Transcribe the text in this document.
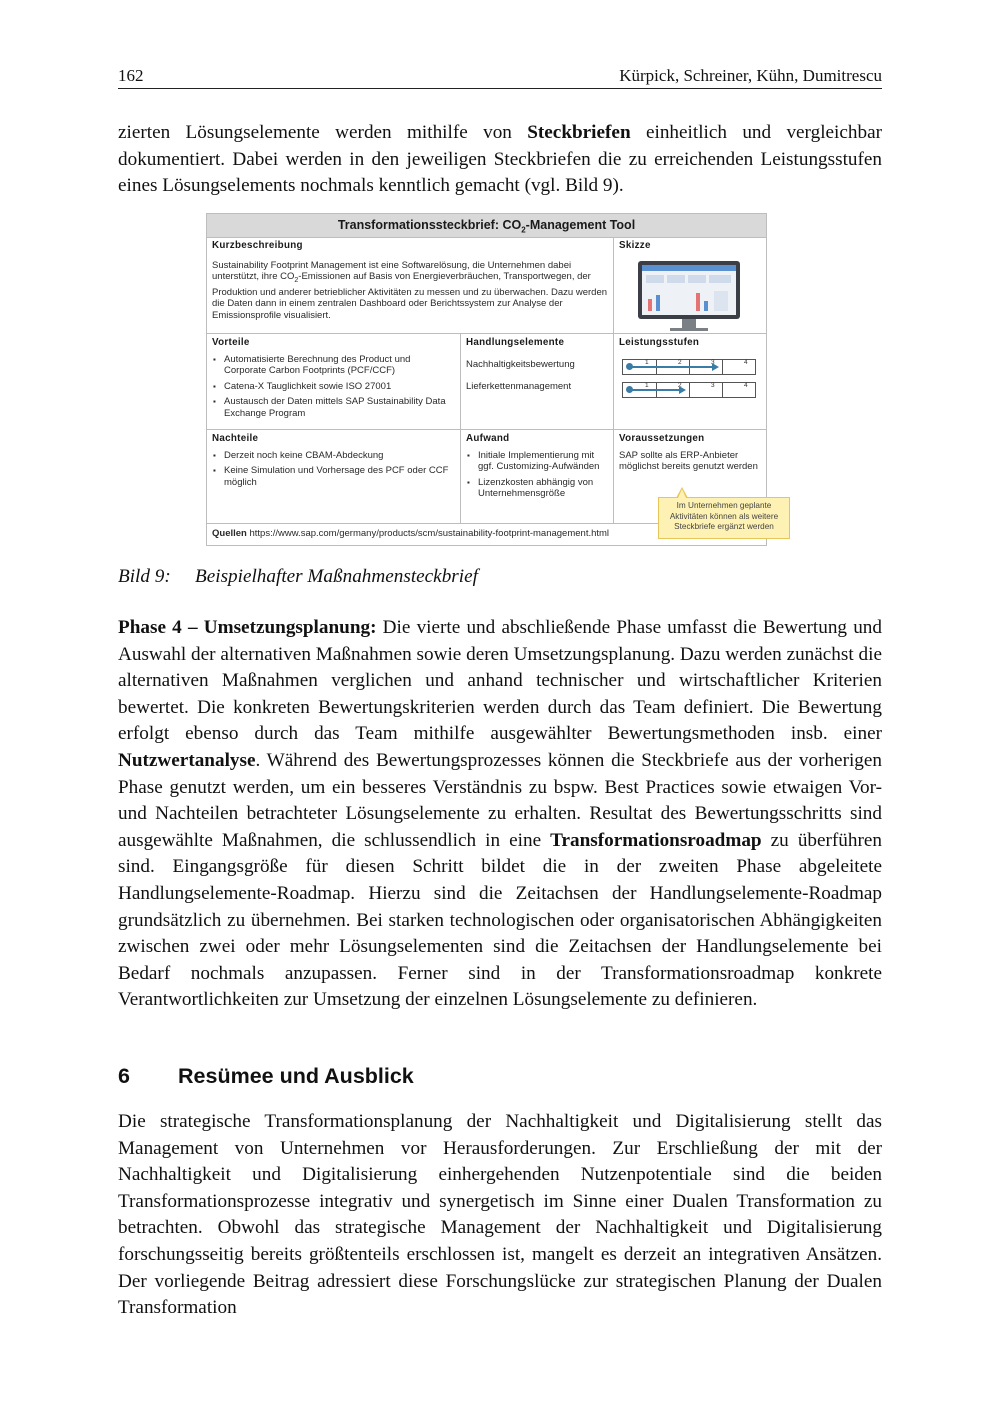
162	Kürpick, Schreiner, Kühn, Dumitrescu

zierten Lösungselemente werden mithilfe von Steckbriefen einheitlich und vergleichbar dokumentiert. Dabei werden in den jeweiligen Steckbriefen die zu erreichenden Leistungsstufen eines Lösungselements nochmals kenntlich gemacht (vgl. Bild 9).

Transformationssteckbrief: $CO_2$-Management Tool
Kurzbeschreibung
Sustainability Footprint Management ist eine Softwarelösung, die Unternehmen dabei unterstützt, ihre $CO_2$-Emissionen auf Basis von Energieverbräuchen, Transportwegen, der Produktion und anderer betrieblicher Aktivitäten zu messen und zu überwachen. Dazu werden die Daten dann in einem zentralen Dashboard oder Berichtssystem zur Analyse der Emissionsprofile visualisiert.
Skizze
Vorteile
▪ Automatisierte Berechnung des Product und Corporate Carbon Footprints (PCF/CCF)
▪ Catena-X Tauglichkeit sowie ISO 27001
▪ Austausch der Daten mittels SAP Sustainability Data Exchange Program
Handlungselemente
Nachhaltigkeitsbewertung
Lieferkettenmanagement
Leistungsstufen
1	2	3	4
1	2	3	4
Nachteile
▪ Derzeit noch keine CBAM-Abdeckung
▪ Keine Simulation und Vorhersage des PCF oder CCF möglich
Aufwand
▪ Initiale Implementierung mit ggf. Customizing-Aufwänden
▪ Lizenzkosten abhängig von Unternehmensgröße
Voraussetzungen
SAP sollte als ERP-Anbieter möglichst bereits genutzt werden
Quellen https://www.sap.com/germany/products/scm/sustainability-footprint-management.html
Im Unternehmen geplante Aktivitäten können als weitere Steckbriefe ergänzt werden
Bild 9: Beispielhafter Maßnahmensteckbrief

Phase 4 – Umsetzungsplanung: Die vierte und abschließende Phase umfasst die Bewertung und Auswahl der alternativen Maßnahmen sowie deren Umsetzungsplanung. Dazu werden zunächst die alternativen Maßnahmen verglichen und anhand technischer und wirtschaftlicher Kriterien bewertet. Die konkreten Bewertungskriterien werden durch das Team definiert. Die Bewertung erfolgt ebenso durch das Team mithilfe ausgewählter Bewertungsmethoden insb. einer Nutzwertanalyse. Während des Bewertungsprozesses können die Steckbriefe aus der vorherigen Phase genutzt werden, um ein besseres Verständnis zu bspw. Best Practices sowie etwaigen Vor- und Nachteilen betrachteter Lösungselemente zu erhalten. Resultat des Bewertungsschritts sind ausgewählte Maßnahmen, die schlussendlich in eine Transformationsroadmap zu überführen sind. Eingangsgröße für diesen Schritt bildet die in der zweiten Phase abgeleitete Handlungselemente-Roadmap. Hierzu sind die Zeitachsen der Handlungselemente-Roadmap grundsätzlich zu übernehmen. Bei starken technologischen oder organisatorischen Abhängigkeiten zwischen zwei oder mehr Lösungselementen sind die Zeitachsen der Handlungselemente bei Bedarf nochmals anzupassen. Ferner sind in der Transformationsroadmap konkrete Verantwortlichkeiten zur Umsetzung der einzelnen Lösungselemente zu definieren.

6 Resümee und Ausblick

Die strategische Transformationsplanung der Nachhaltigkeit und Digitalisierung stellt das Management von Unternehmen vor Herausforderungen. Zur Erschließung der mit der Nachhaltigkeit und Digitalisierung einhergehenden Nutzenpotentiale sind die beiden Transformationsprozesse integrativ und synergetisch im Sinne einer Dualen Transformation zu betrachten. Obwohl das strategische Management der Nachhaltigkeit und Digitalisierung forschungsseitig bereits größtenteils erschlossen ist, mangelt es derzeit an integrativen Ansätzen. Der vorliegende Beitrag adressiert diese Forschungslücke zur strategischen Planung der Dualen Transformation
